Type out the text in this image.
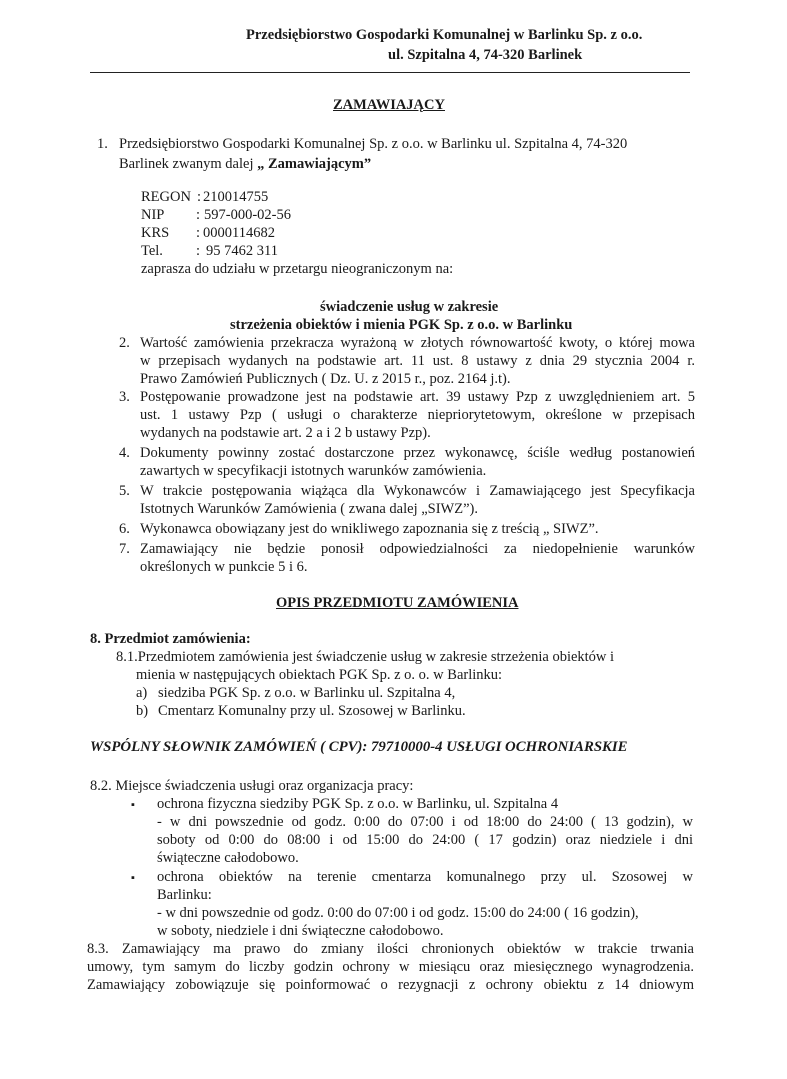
Przedsiębiorstwo Gospodarki Komunalnej w Barlinku Sp. z o.o.
ul. Szpitalna 4, 74-320 Barlinek
ZAMAWIAJĄCY
1. Przedsiębiorstwo Gospodarki Komunalnej Sp. z o.o. w Barlinku ul. Szpitalna 4, 74-320
Barlinek zwanym dalej „ Zamawiającym”
REGON : 210014755
NIP : 597-000-02-56
KRS : 0000114682
Tel. : 95 7462 311
zaprasza do udziału w przetargu nieograniczonym na:
świadczenie usług w zakresie
strzeżenia obiektów i mienia PGK Sp. z o.o. w Barlinku
2. Wartość zamówienia przekracza wyrażoną w złotych równowartość kwoty, o której mowa
w przepisach wydanych na podstawie art. 11 ust. 8 ustawy z dnia 29 stycznia 2004 r.
Prawo Zamówień Publicznych ( Dz. U. z 2015 r., poz. 2164 j.t).
3. Postępowanie prowadzone jest na podstawie art. 39 ustawy Pzp z uwzględnieniem art. 5
ust. 1 ustawy Pzp ( usługi o charakterze niepriorytetowym, określone w przepisach
wydanych na podstawie art. 2 a i 2 b ustawy Pzp).
4. Dokumenty powinny zostać dostarczone przez wykonawcę, ściśle według postanowień
zawartych w specyfikacji istotnych warunków zamówienia.
5. W trakcie postępowania wiążąca dla Wykonawców i Zamawiającego jest Specyfikacja
Istotnych Warunków Zamówienia ( zwana dalej „SIWZ”).
6. Wykonawca obowiązany jest do wnikliwego zapoznania się z treścią „ SIWZ”.
7. Zamawiający nie będzie ponosił odpowiedzialności za niedopełnienie warunków
określonych w punkcie 5 i 6.
OPIS PRZEDMIOTU ZAMÓWIENIA
8. Przedmiot zamówienia:
8.1.Przedmiotem zamówienia jest świadczenie usług w zakresie strzeżenia obiektów i
mienia w następujących obiektach PGK Sp. z o. o. w Barlinku:
a) siedziba PGK Sp. z o.o. w Barlinku ul. Szpitalna 4,
b) Cmentarz Komunalny przy ul. Szosowej w Barlinku.
WSPÓLNY SŁOWNIK ZAMÓWIEŃ ( CPV): 79710000-4 USŁUGI OCHRONIARSKIE
8.2. Miejsce świadczenia usługi oraz organizacja pracy:
▪ ochrona fizyczna siedziby PGK Sp. z o.o. w Barlinku, ul. Szpitalna 4
- w dni powszednie od godz. 0:00 do 07:00 i od 18:00 do 24:00 ( 13 godzin), w
soboty od 0:00 do 08:00 i od 15:00 do 24:00 ( 17 godzin) oraz niedziele i dni
świąteczne całodobowo.
▪ ochrona obiektów na terenie cmentarza komunalnego przy ul. Szosowej w
Barlinku:
- w dni powszednie od godz. 0:00 do 07:00 i od godz. 15:00 do 24:00 ( 16 godzin),
w soboty, niedziele i dni świąteczne całodobowo.
8.3. Zamawiający ma prawo do zmiany ilości chronionych obiektów w trakcie trwania
umowy, tym samym do liczby godzin ochrony w miesiącu oraz miesięcznego wynagrodzenia.
Zamawiający zobowiązuje się poinformować o rezygnacji z ochrony obiektu z 14 dniowym
